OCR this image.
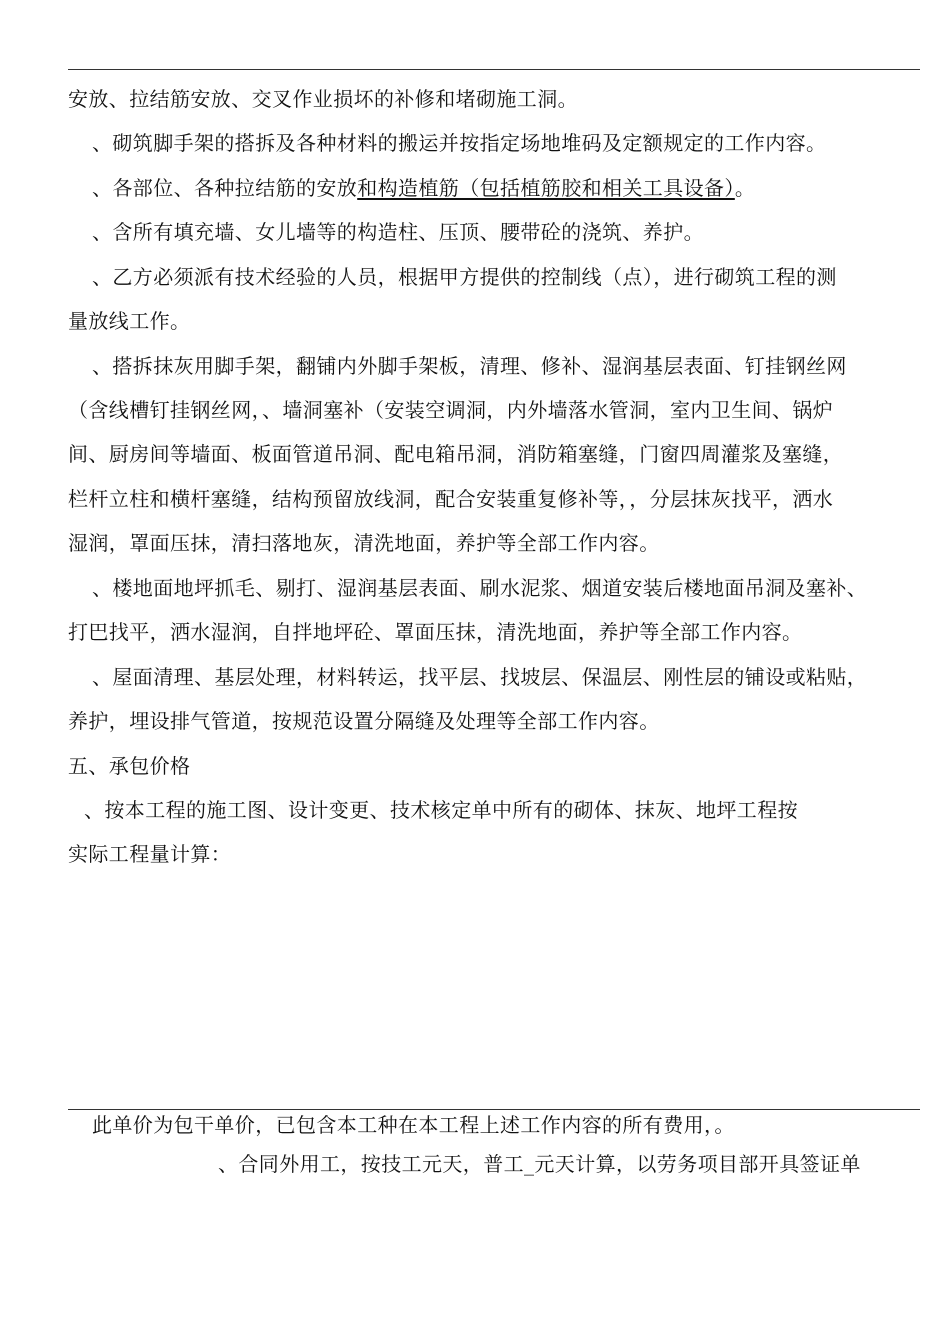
安放、拉结筋安放、交叉作业损坏的补修和堵砌施工洞。
、砌筑脚手架的搭拆及各种材料的搬运并按指定场地堆码及定额规定的工作内容。
、各部位、各种拉结筋的安放和构造植筋（包括植筋胶和相关工具设备）。
、含所有填充墙、女儿墙等的构造柱、压顶、腰带砼的浇筑、养护。
、乙方必须派有技术经验的人员，根据甲方提供的控制线（点），进行砌筑工程的测
量放线工作。
、搭拆抹灰用脚手架，翻铺内外脚手架板，清理、修补、湿润基层表面、钉挂钢丝网
（含线槽钉挂钢丝网，、墙洞塞补（安装空调洞，内外墙落水管洞，室内卫生间、锅炉
间、厨房间等墙面、板面管道吊洞、配电箱吊洞，消防箱塞缝，门窗四周灌浆及塞缝，
栏杆立柱和横杆塞缝，结构预留放线洞，配合安装重复修补等，，分层抹灰找平，洒水
湿润，罩面压抹，清扫落地灰，清洗地面，养护等全部工作内容。
、楼地面地坪抓毛、剔打、湿润基层表面、刷水泥浆、烟道安装后楼地面吊洞及塞补、
打巴找平，洒水湿润，自拌地坪砼、罩面压抹，清洗地面，养护等全部工作内容。
、屋面清理、基层处理，材料转运，找平层、找坡层、保温层、刚性层的铺设或粘贴，
养护，埋设排气管道，按规范设置分隔缝及处理等全部工作内容。
五、承包价格
、按本工程的施工图、设计变更、技术核定单中所有的砌体、抹灰、地坪工程按
实际工程量计算：
此单价为包干单价，已包含本工种在本工程上述工作内容的所有费用，。
、合同外用工，按技工元天，普工_元天计算，以劳务项目部开具签证单
